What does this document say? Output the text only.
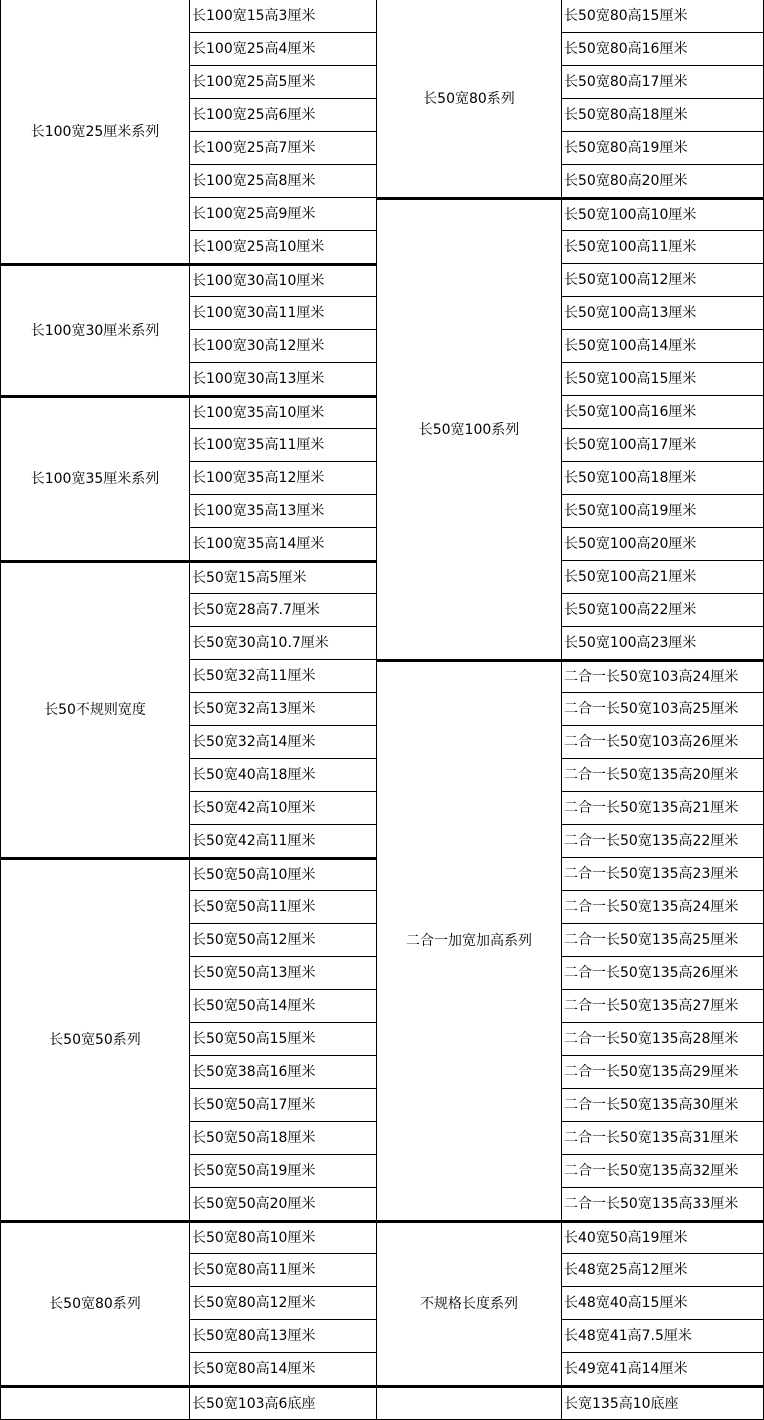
长100宽25厘米系列
长100宽15高3厘米
长100宽25高4厘米
长100宽25高5厘米
长100宽25高6厘米
长100宽25高7厘米
长100宽25高8厘米
长100宽25高9厘米
长100宽25高10厘米
长100宽30厘米系列
长100宽30高10厘米
长100宽30高11厘米
长100宽30高12厘米
长100宽30高13厘米
长100宽35厘米系列
长100宽35高10厘米
长100宽35高11厘米
长100宽35高12厘米
长100宽35高13厘米
长100宽35高14厘米
长50不规则宽度
长50宽15高5厘米
长50宽28高7.7厘米
长50宽30高10.7厘米
长50宽32高11厘米
长50宽32高13厘米
长50宽32高14厘米
长50宽40高18厘米
长50宽42高10厘米
长50宽42高11厘米
长50宽50系列
长50宽50高10厘米
长50宽50高11厘米
长50宽50高12厘米
长50宽50高13厘米
长50宽50高14厘米
长50宽50高15厘米
长50宽38高16厘米
长50宽50高17厘米
长50宽50高18厘米
长50宽50高19厘米
长50宽50高20厘米
长50宽80系列
长50宽80高10厘米
长50宽80高11厘米
长50宽80高12厘米
长50宽80高13厘米
长50宽80高14厘米
长50宽103高6底座
长50宽80系列
长50宽80高15厘米
长50宽80高16厘米
长50宽80高17厘米
长50宽80高18厘米
长50宽80高19厘米
长50宽80高20厘米
长50宽100系列
长50宽100高10厘米
长50宽100高11厘米
长50宽100高12厘米
长50宽100高13厘米
长50宽100高14厘米
长50宽100高15厘米
长50宽100高16厘米
长50宽100高17厘米
长50宽100高18厘米
长50宽100高19厘米
长50宽100高20厘米
长50宽100高21厘米
长50宽100高22厘米
长50宽100高23厘米
二合一加宽加高系列
二合一长50宽103高24厘米
二合一长50宽103高25厘米
二合一长50宽103高26厘米
二合一长50宽135高20厘米
二合一长50宽135高21厘米
二合一长50宽135高22厘米
二合一长50宽135高23厘米
二合一长50宽135高24厘米
二合一长50宽135高25厘米
二合一长50宽135高26厘米
二合一长50宽135高27厘米
二合一长50宽135高28厘米
二合一长50宽135高29厘米
二合一长50宽135高30厘米
二合一长50宽135高31厘米
二合一长50宽135高32厘米
二合一长50宽135高33厘米
不规格长度系列
长40宽50高19厘米
长48宽25高12厘米
长48宽40高15厘米
长48宽41高7.5厘米
长49宽41高14厘米
长宽135高10底座
